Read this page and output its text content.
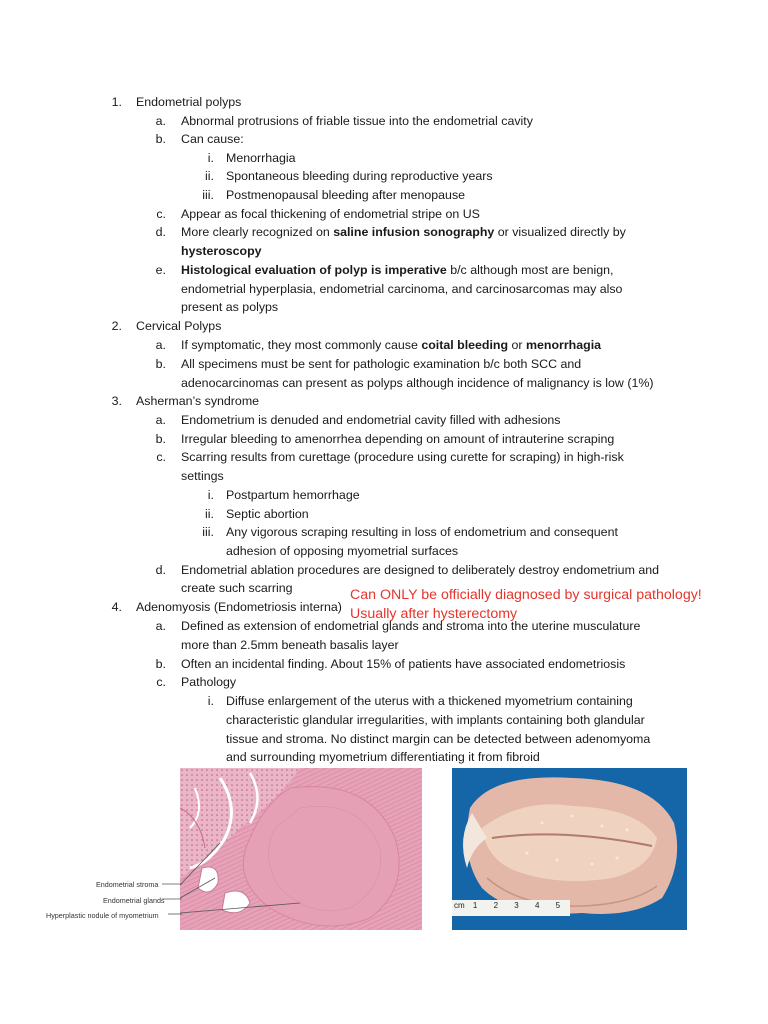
1. Endometrial polyps
a. Abnormal protrusions of friable tissue into the endometrial cavity
b. Can cause:
i. Menorrhagia
ii. Spontaneous bleeding during reproductive years
iii. Postmenopausal bleeding after menopause
c. Appear as focal thickening of endometrial stripe on US
d. More clearly recognized on saline infusion sonography or visualized directly by
hysteroscopy
e. Histological evaluation of polyp is imperative b/c although most are benign,
endometrial hyperplasia, endometrial carcinoma, and carcinosarcomas may also
present as polyps
2. Cervical Polyps
a. If symptomatic, they most commonly cause coital bleeding or menorrhagia
b. All specimens must be sent for pathologic examination b/c both SCC and
adenocarcinomas can present as polyps although incidence of malignancy is low (1%)
3. Asherman’s syndrome
a. Endometrium is denuded and endometrial cavity filled with adhesions
b. Irregular bleeding to amenorrhea depending on amount of intrauterine scraping
c. Scarring results from curettage (procedure using curette for scraping) in high-risk
settings
i. Postpartum hemorrhage
ii. Septic abortion
iii. Any vigorous scraping resulting in loss of endometrium and consequent
adhesion of opposing myometrial surfaces
d. Endometrial ablation procedures are designed to deliberately destroy endometrium and
create such scarring
4. Adenomyosis (Endometriosis interna)
a. Defined as extension of endometrial glands and stroma into the uterine musculature
more than 2.5mm beneath basalis layer
b. Often an incidental finding. About 15% of patients have associated endometriosis
c. Pathology
i. Diffuse enlargement of the uterus with a thickened myometrium containing
characteristic glandular irregularities, with implants containing both glandular
tissue and stroma. No distinct margin can be detected between adenomyoma
and surrounding myometrium differentiating it from fibroid
Can ONLY be officially diagnosed by surgical pathology!
Usually after hysterectomy
Endometrial stroma
Endometrial glands
Hyperplastic nodule of myometrium
cm 1 2 3 4 5
